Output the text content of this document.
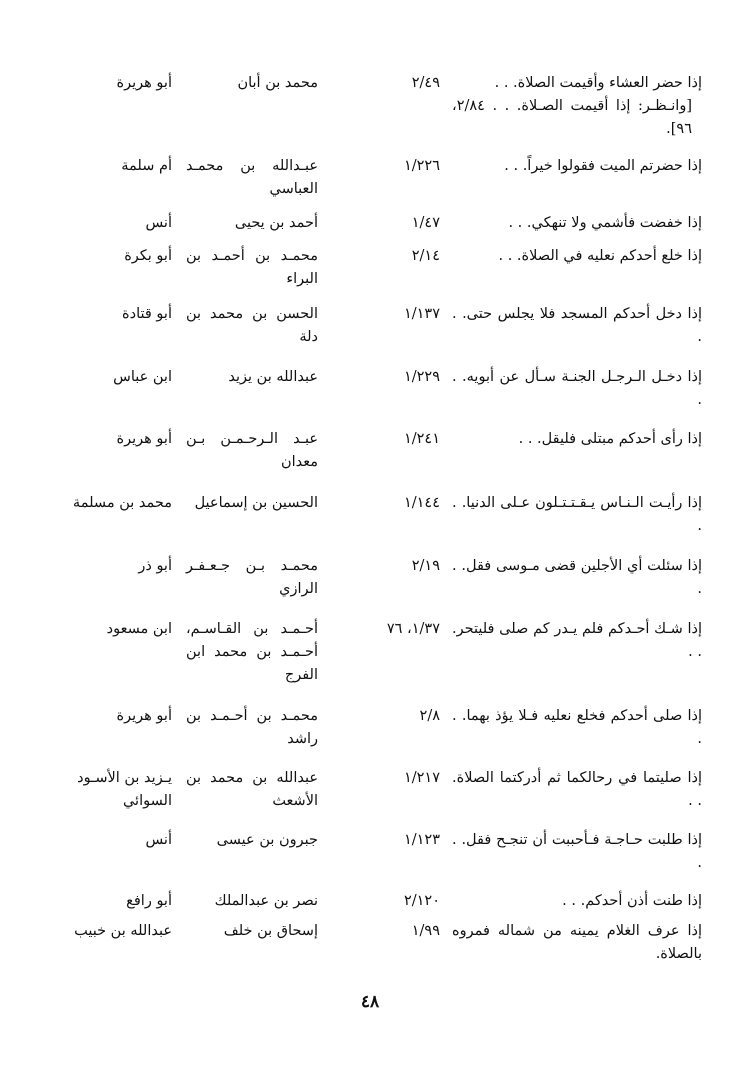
إذا حضر العشاء وأقيمت الصلاة. . .
[وانـظـر: إذا أقيمت الصـلاة. . . ٢/٨٤، ٩٦].
٢/٤٩
محمد بن أبان
أبو هريرة
إذا حضرتم الميت فقولوا خيراً. . .
١/٢٢٦
عبـدالله بن محمـد العباسي
أم سلمة
إذا خفضت فأشمي ولا تنهكي. . .
١/٤٧
أحمد بن يحيى
أنس
إذا خلع أحدكم نعليه في الصلاة. . .
٢/١٤
محمـد بن أحمـد بن البراء
أبو بكرة
إذا دخل أحدكم المسجد فلا يجلس حتى. . .
١/١٣٧
الحسن بن محمد بن دلة
أبو قتادة
إذا دخـل الـرجـل الجنـة سـأل عن أبويه. . .
١/٢٢٩
عبدالله بن يزيد
ابن عباس
إذا رأى أحدكم مبتلى فليقل. . .
١/٢٤١
عبـد الـرحـمـن بـن معدان
أبو هريرة
إذا رأيـت الـنـاس يـقـتـتـلون عـلى الدنيا. . .
١/١٤٤
الحسين بن إسماعيل
محمد بن مسلمة
إذا سئلت أي الأجلين قضى مـوسى فقل. . .
٢/١٩
محمـد بـن جـعـفـر الرازي
أبو ذر
إذا شـك أحـدكم فلم يـدر كم صلى فليتحر. . .
١/٣٧، ٧٦
أحـمـد بن القـاسـم، أحـمـد بن محمد ابن الفرج
ابن مسعود
إذا صلى أحدكم فخلع نعليه فـلا يؤذ بهما. . .
٢/٨
محمـد بن أحـمـد بن راشد
أبو هريرة
إذا صليتما في رحالكما ثم أدركتما الصلاة. . .
١/٢١٧
عبدالله بن محمد بن الأشعث
يـزيد بن الأسـود السوائي
إذا طلبت حـاجـة فـأحببت أن تنجـح فقل. . .
١/١٢٣
جبرون بن عيسى
أنس
إذا طنت أذن أحدكم. . .
٢/١٢٠
نصر بن عبدالملك
أبو رافع
إذا عرف الغلام يمينه من شماله فمروه بالصلاة.
١/٩٩
إسحاق بن خلف
عبدالله بن خبيب
٤٨
